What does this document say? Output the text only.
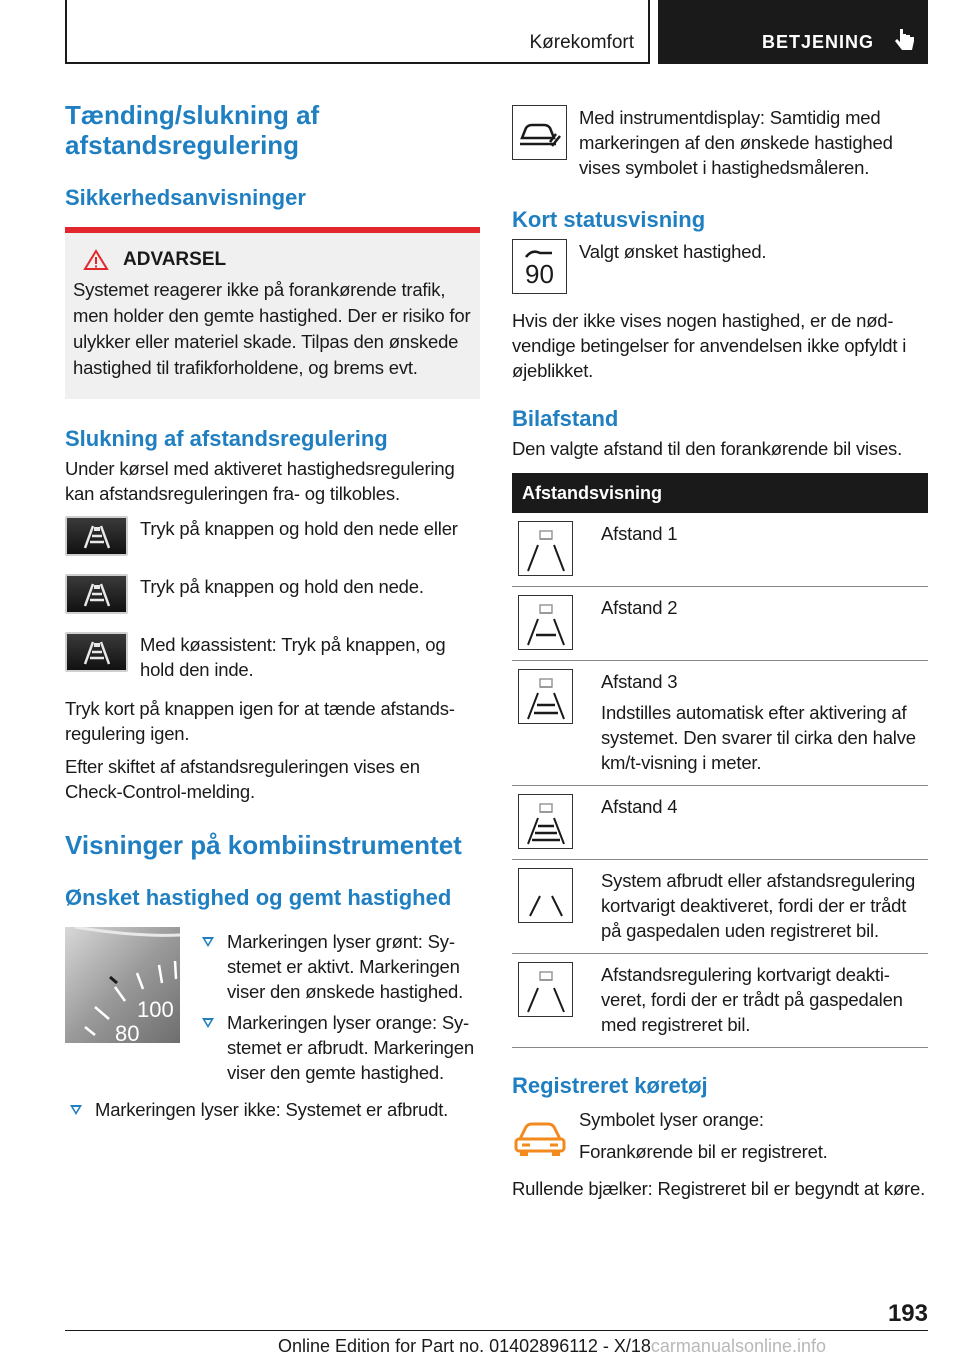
Kørekomfort	BETJENING
Tænding/slukning af afstandsregulering
Sikkerhedsanvisninger
ADVARSEL

Systemet reagerer ikke på forankørende trafik, men holder den gemte hastighed. Der er risiko for ulykker eller materiel skade. Tilpas den ønskede hastighed til trafikforholdene, og brems evt.

Slukning af afstandsregulering

Under kørsel med aktiveret hastighedsregulering kan afstandsreguleringen fra- og tilkobles.

Tryk på knappen og hold den nede eller

Tryk på knappen og hold den nede.

Med køassistent: Tryk på knappen, og hold den inde.

Tryk kort på knappen igen for at tænde afstandsregulering igen.

Efter skiftet af afstandsreguleringen vises en Check-Control-melding.

Visninger på kombiinstrumentet
Ønsket hastighed og gemt hastighed
100
80
Markeringen lyser grønt: Systemet er aktivt. Markeringen viser den ønskede hastighed.
Markeringen lyser orange: Systemet er afbrudt. Markeringen viser den gemte hastighed.
Markeringen lyser ikke: Systemet er afbrudt.

Med instrumentdisplay: Samtidig med markeringen af den ønskede hastighed vises symbolet i hastighedsmåleren.

Kort statusvisning
90

Valgt ønsket hastighed.

Hvis der ikke vises nogen hastighed, er de nødvendige betingelser for anvendelsen ikke opfyldt i øjeblikket.

Bilafstand

Den valgte afstand til den forankørende bil vises.

Afstandsvisning
Afstand 1
Afstand 2
Afstand 3
Indstilles automatisk efter aktivering af systemet. Den svarer til cirka den halve km/t-visning i meter.
Afstand 4
System afbrudt eller afstandsregulering kortvarigt deaktiveret, fordi der er trådt på gaspedalen uden registreret bil.
Afstandsregulering kortvarigt deaktiveret, fordi der er trådt på gaspedalen med registreret bil.
Registreret køretøj

Symbolet lyser orange:

Forankørende bil er registreret.

Rullende bjælker: Registreret bil er begyndt at køre.

193
Online Edition for Part no. 01402896112 - X/18carmanualsonline.info
